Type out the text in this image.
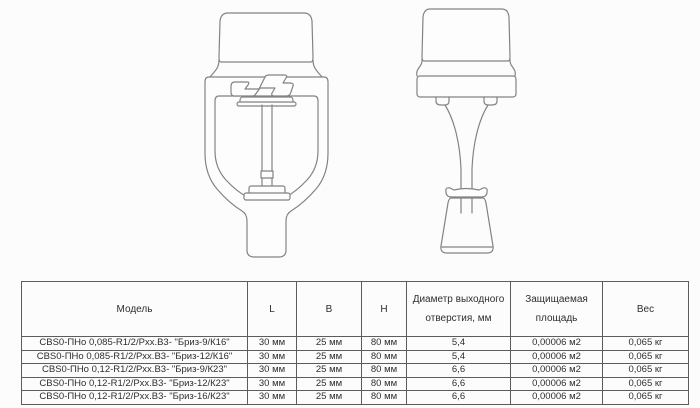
Модель	L	B	H	Диаметр выходного отверстия, мм	Защищаемая площадь	Вес
СВS0-ПНо 0,085-R1/2/Рхх.В3- "Бриз-9/К16"	30 мм	25 мм	80 мм	5,4	0,00006 м2	0,065 кг
СВS0-ПНо 0,085-R1/2/Рхх.В3- "Бриз-12/К16"	30 мм	25 мм	80 мм	5,4	0,00006 м2	0,065 кг
СВS0-ПНо 0,12-R1/2/Рхх.В3- "Бриз-9/К23"	30 мм	25 мм	80 мм	6,6	0,00006 м2	0,065 кг
СВS0-ПНо 0,12-R1/2/Рхх.В3- "Бриз-12/К23"	30 мм	25 мм	80 мм	6,6	0,00006 м2	0,065 кг
СВS0-ПНо 0,12-R1/2/Рхх.В3- "Бриз-16/К23"	30 мм	25 мм	80 мм	6,6	0,00006 м2	0,065 кг
